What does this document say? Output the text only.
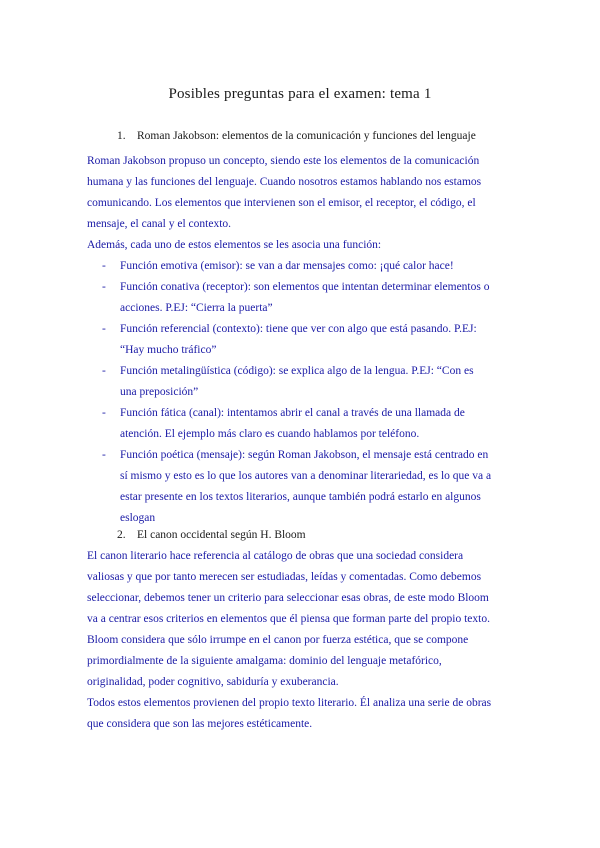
Posibles preguntas para el examen: tema 1
1. Roman Jakobson: elementos de la comunicación y funciones del lenguaje
Roman Jakobson propuso un concepto, siendo este los elementos de la comunicación
humana y las funciones del lenguaje. Cuando nosotros estamos hablando nos estamos
comunicando. Los elementos que intervienen son el emisor, el receptor, el código, el
mensaje, el canal y el contexto.
Además, cada uno de estos elementos se les asocia una función:
- Función emotiva (emisor): se van a dar mensajes como: ¡qué calor hace!
- Función conativa (receptor): son elementos que intentan determinar elementos o
acciones. P.EJ: “Cierra la puerta”
- Función referencial (contexto): tiene que ver con algo que está pasando. P.EJ:
“Hay mucho tráfico”
- Función metalingüística (código): se explica algo de la lengua. P.EJ: “Con es
una preposición”
- Función fática (canal): intentamos abrir el canal a través de una llamada de
atención. El ejemplo más claro es cuando hablamos por teléfono.
- Función poética (mensaje): según Roman Jakobson, el mensaje está centrado en
sí mismo y esto es lo que los autores van a denominar literariedad, es lo que va a
estar presente en los textos literarios, aunque también podrá estarlo en algunos
eslogan
2. El canon occidental según H. Bloom
El canon literario hace referencia al catálogo de obras que una sociedad considera
valiosas y que por tanto merecen ser estudiadas, leídas y comentadas. Como debemos
seleccionar, debemos tener un criterio para seleccionar esas obras, de este modo Bloom
va a centrar esos criterios en elementos que él piensa que forman parte del propio texto.
Bloom considera que sólo irrumpe en el canon por fuerza estética, que se compone
primordialmente de la siguiente amalgama: dominio del lenguaje metafórico,
originalidad, poder cognitivo, sabiduría y exuberancia.
Todos estos elementos provienen del propio texto literario. Él analiza una serie de obras
que considera que son las mejores estéticamente.
